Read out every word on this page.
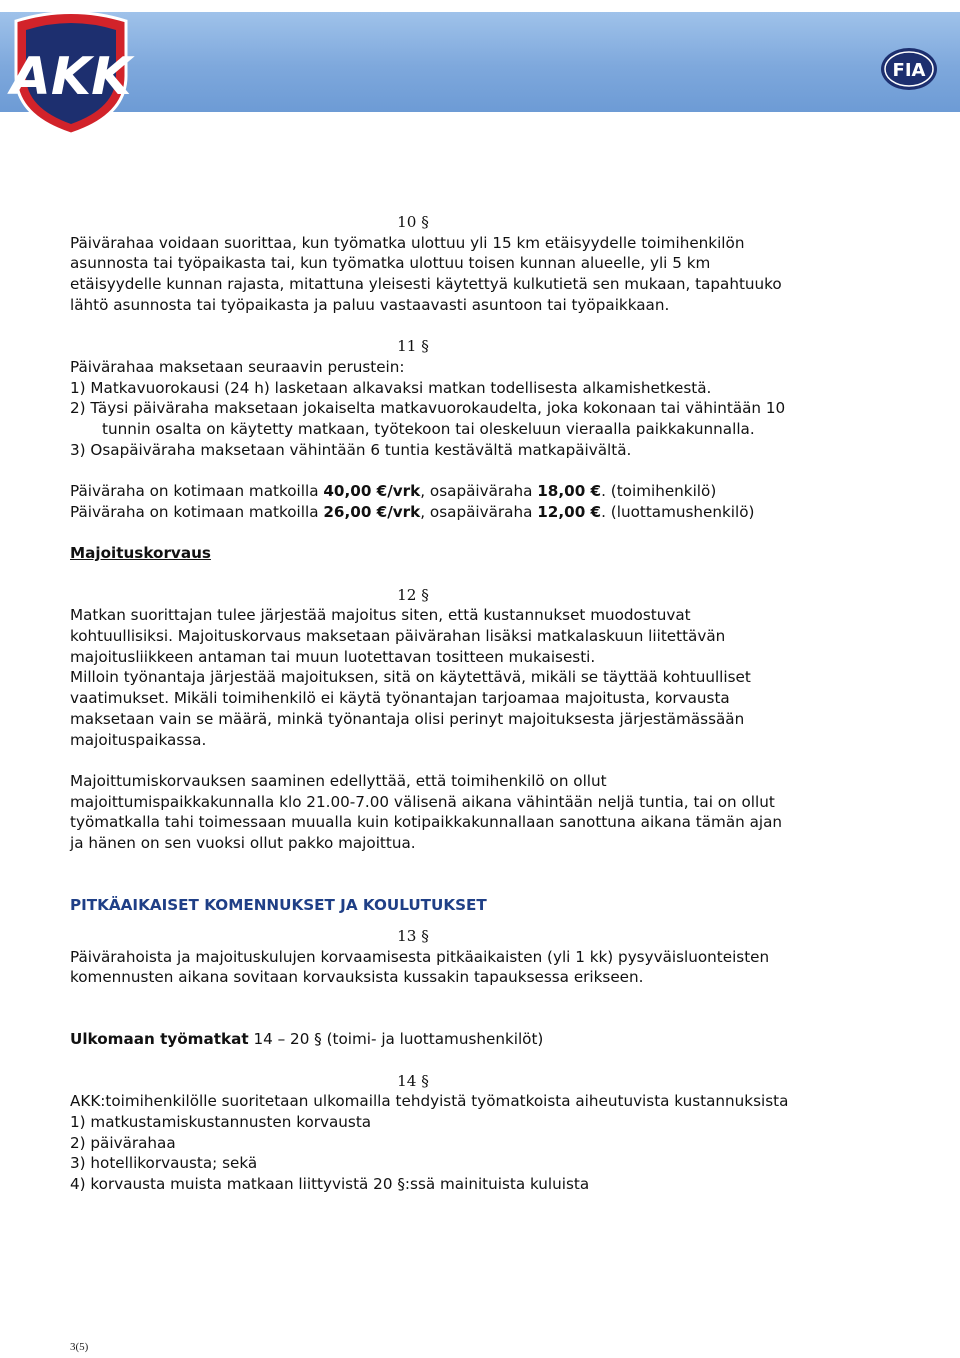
AKK	FIA
10 §
Päivärahaa voidaan suorittaa, kun työmatka ulottuu yli 15 km etäisyydelle toimihenkilön
asunnosta tai työpaikasta tai, kun työmatka ulottuu toisen kunnan alueelle, yli 5 km
etäisyydelle kunnan rajasta, mitattuna yleisesti käytettyä kulkutietä sen mukaan, tapahtuuko
lähtö asunnosta tai työpaikasta ja paluu vastaavasti asuntoon tai työpaikkaan.
11 §
Päivärahaa maksetaan seuraavin perustein:
1) Matkavuorokausi (24 h) lasketaan alkavaksi matkan todellisesta alkamishetkestä.
2) Täysi päiväraha maksetaan jokaiselta matkavuorokaudelta, joka kokonaan tai vähintään 10
tunnin osalta on käytetty matkaan, työtekoon tai oleskeluun vieraalla paikkakunnalla.
3) Osapäiväraha maksetaan vähintään 6 tuntia kestävältä matkapäivältä.
Päiväraha on kotimaan matkoilla 40,00 €/vrk, osapäiväraha 18,00 €. (toimihenkilö)
Päiväraha on kotimaan matkoilla 26,00 €/vrk, osapäiväraha 12,00 €. (luottamushenkilö)
Majoituskorvaus
12 §
Matkan suorittajan tulee järjestää majoitus siten, että kustannukset muodostuvat
kohtuullisiksi. Majoituskorvaus maksetaan päivärahan lisäksi matkalaskuun liitettävän
majoitusliikkeen antaman tai muun luotettavan tositteen mukaisesti.
Milloin työnantaja järjestää majoituksen, sitä on käytettävä, mikäli se täyttää kohtuulliset
vaatimukset. Mikäli toimihenkilö ei käytä työnantajan tarjoamaa majoitusta, korvausta
maksetaan vain se määrä, minkä työnantaja olisi perinyt majoituksesta järjestämässään
majoituspaikassa.
Majoittumiskorvauksen saaminen edellyttää, että toimihenkilö on ollut
majoittumispaikkakunnalla klo 21.00-7.00 välisenä aikana vähintään neljä tuntia, tai on ollut
työmatkalla tahi toimessaan muualla kuin kotipaikkakunnallaan sanottuna aikana tämän ajan
ja hänen on sen vuoksi ollut pakko majoittua.
PITKÄAIKAISET KOMENNUKSET JA KOULUTUKSET
13 §
Päivärahoista ja majoituskulujen korvaamisesta pitkäaikaisten (yli 1 kk) pysyväisluonteisten
komennusten aikana sovitaan korvauksista kussakin tapauksessa erikseen.
Ulkomaan työmatkat 14 – 20 § (toimi- ja luottamushenkilöt)
14 §
AKK:toimihenkilölle suoritetaan ulkomailla tehdyistä työmatkoista aiheutuvista kustannuksista
1) matkustamiskustannusten korvausta
2) päivärahaa
3) hotellikorvausta; sekä
4) korvausta muista matkaan liittyvistä 20 §:ssä mainituista kuluista
3(5)
